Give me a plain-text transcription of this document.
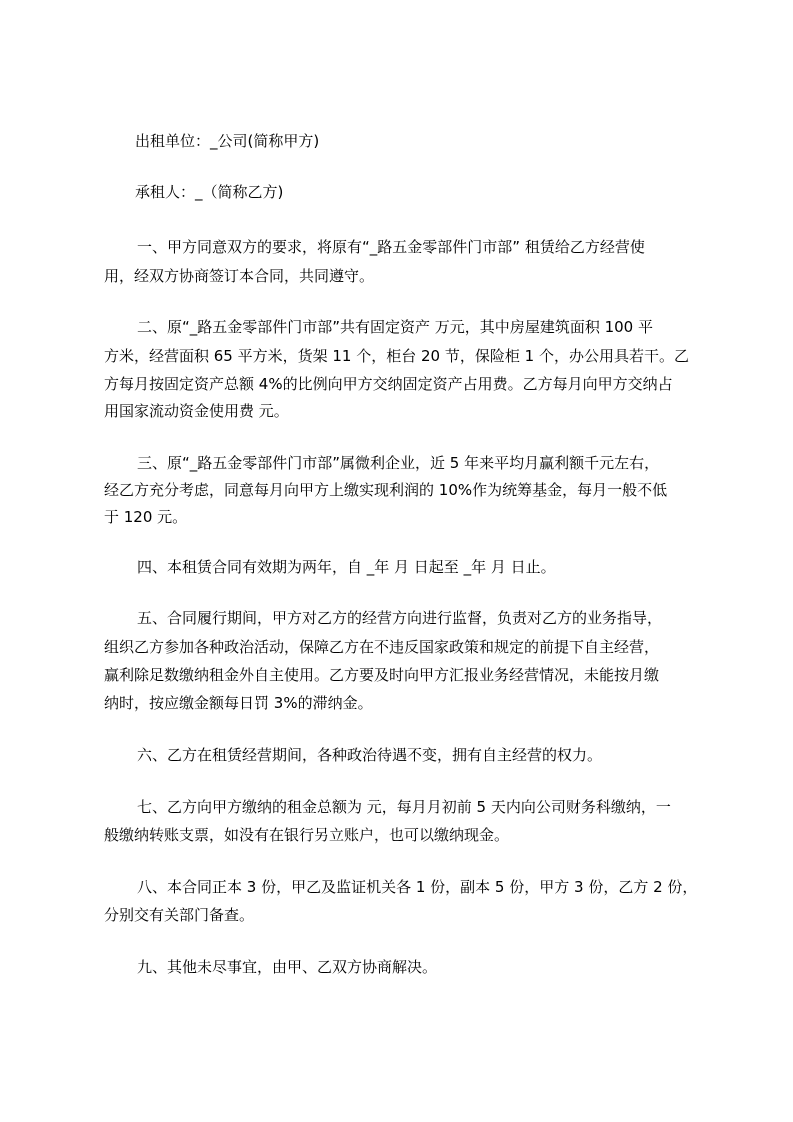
出租单位：_公司(简称甲方)
承租人：_（简称乙方)
一、甲方同意双方的要求，将原有“_路五金零部件门市部” 租赁给乙方经营使
用，经双方协商签订本合同，共同遵守。
二、原“_路五金零部件门市部”共有固定资产 万元，其中房屋建筑面积 100 平
方米，经营面积 65 平方米，货架 11 个，柜台 20 节，保险柜 1 个，办公用具若干。乙
方每月按固定资产总额 4%的比例向甲方交纳固定资产占用费。乙方每月向甲方交纳占
用国家流动资金使用费 元。
三、原“_路五金零部件门市部”属微利企业，近 5 年来平均月赢利额千元左右，
经乙方充分考虑，同意每月向甲方上缴实现利润的 10%作为统筹基金，每月一般不低
于 120 元。
四、本租赁合同有效期为两年，自 _年 月 日起至 _年 月 日止。
五、合同履行期间，甲方对乙方的经营方向进行监督，负责对乙方的业务指导，
组织乙方参加各种政治活动，保障乙方在不违反国家政策和规定的前提下自主经营，
赢利除足数缴纳租金外自主使用。乙方要及时向甲方汇报业务经营情况，未能按月缴
纳时，按应缴金额每日罚 3%的滞纳金。
六、乙方在租赁经营期间，各种政治待遇不变，拥有自主经营的权力。
七、乙方向甲方缴纳的租金总额为 元，每月月初前 5 天内向公司财务科缴纳，一
般缴纳转账支票，如没有在银行另立账户，也可以缴纳现金。
八、本合同正本 3 份，甲乙及监证机关各 1 份，副本 5 份，甲方 3 份，乙方 2 份，
分别交有关部门备查。
九、其他未尽事宜，由甲、乙双方协商解决。
